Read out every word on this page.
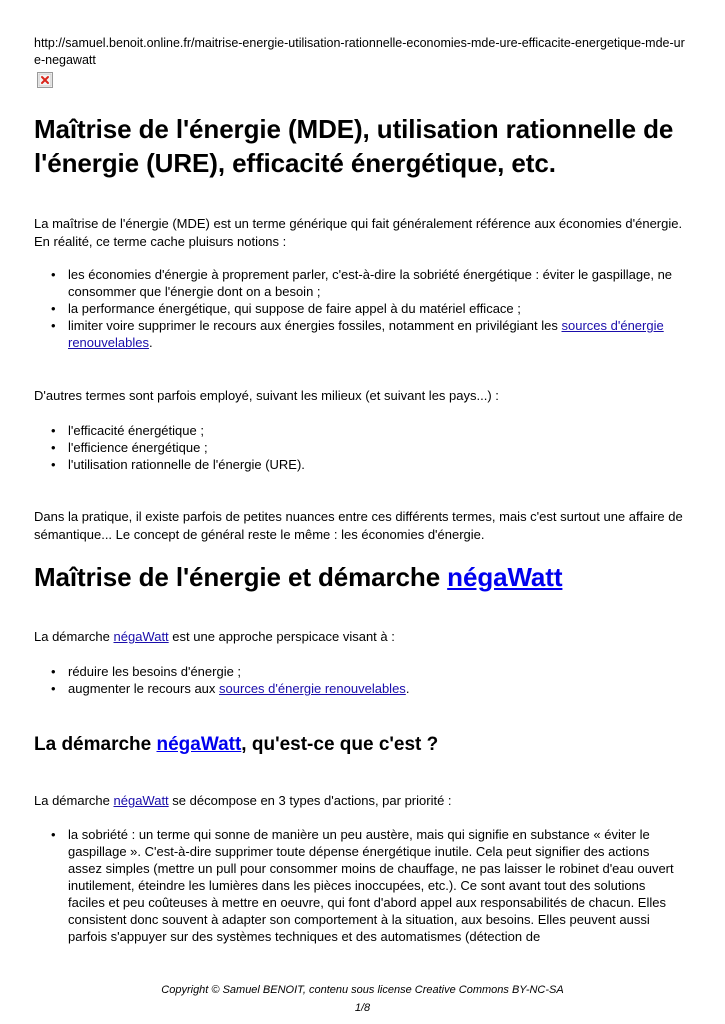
http://samuel.benoit.online.fr/maitrise-energie-utilisation-rationnelle-economies-mde-ure-efficacite-energetique-mde-ure-negawatt
Maîtrise de l'énergie (MDE), utilisation rationnelle de l'énergie (URE), efficacité énergétique, etc.

La maîtrise de l'énergie (MDE) est un terme générique qui fait généralement référence aux économies d'énergie. En réalité, ce terme cache pluisurs notions :

• les économies d'énergie à proprement parler, c'est-à-dire la sobriété énergétique : éviter le gaspillage, ne consommer que l'énergie dont on a besoin ;
• la performance énergétique, qui suppose de faire appel à du matériel efficace ;
• limiter voire supprimer le recours aux énergies fossiles, notamment en privilégiant les sources d'énergie renouvelables.

D'autres termes sont parfois employé, suivant les milieux (et suivant les pays...) :

• l'efficacité énergétique ;
• l'efficience énergétique ;
• l'utilisation rationnelle de l'énergie (URE).

Dans la pratique, il existe parfois de petites nuances entre ces différents termes, mais c'est surtout une affaire de sémantique... Le concept de général reste le même : les économies d'énergie.

Maîtrise de l'énergie et démarche négaWatt

La démarche négaWatt est une approche perspicace visant à :

• réduire les besoins d'énergie ;
• augmenter le recours aux sources d'énergie renouvelables.
La démarche négaWatt, qu'est-ce que c'est ?

La démarche négaWatt se décompose en 3 types d'actions, par priorité :

• la sobriété : un terme qui sonne de manière un peu austère, mais qui signifie en substance « éviter le gaspillage ». C'est-à-dire supprimer toute dépense énergétique inutile. Cela peut signifier des actions assez simples (mettre un pull pour consommer moins de chauffage, ne pas laisser le robinet d'eau ouvert inutilement, éteindre les lumières dans les pièces inoccupées, etc.). Ce sont avant tout des solutions faciles et peu coûteuses à mettre en oeuvre, qui font d'abord appel aux responsabilités de chacun. Elles consistent donc souvent à adapter son comportement à la situation, aux besoins. Elles peuvent aussi parfois s'appuyer sur des systèmes techniques et des automatismes (détection de
Copyright © Samuel BENOIT, contenu sous license Creative Commons BY-NC-SA
1/8
